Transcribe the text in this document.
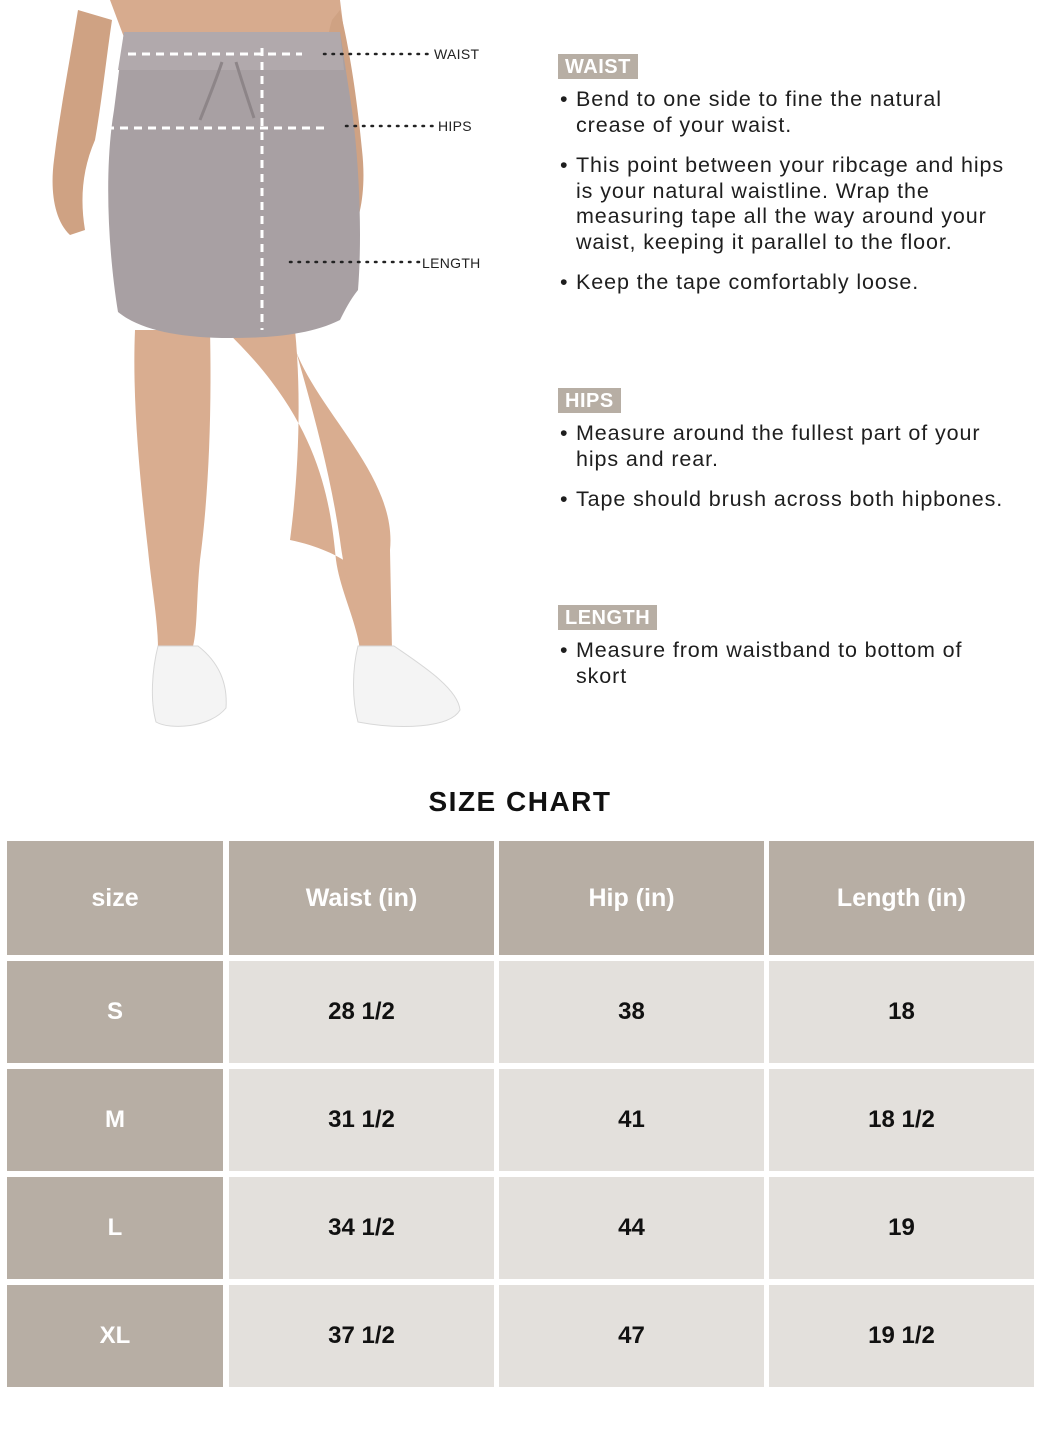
WAIST
HIPS
LENGTH
WAIST
• Bend to one side to fine the natural crease of your waist.
• This point between your ribcage and hips is your natural waistline. Wrap the measuring tape all the way around your waist, keeping it parallel to the floor.
• Keep the tape comfortably loose.
HIPS
• Measure around the fullest part of your hips and rear.
• Tape should brush across both hipbones.
LENGTH
• Measure from waistband to bottom of skort
SIZE CHART
size	Waist (in)	Hip (in)	Length (in)
S	28 1/2	38	18
M	31 1/2	41	18 1/2
L	34 1/2	44	19
XL	37 1/2	47	19 1/2
